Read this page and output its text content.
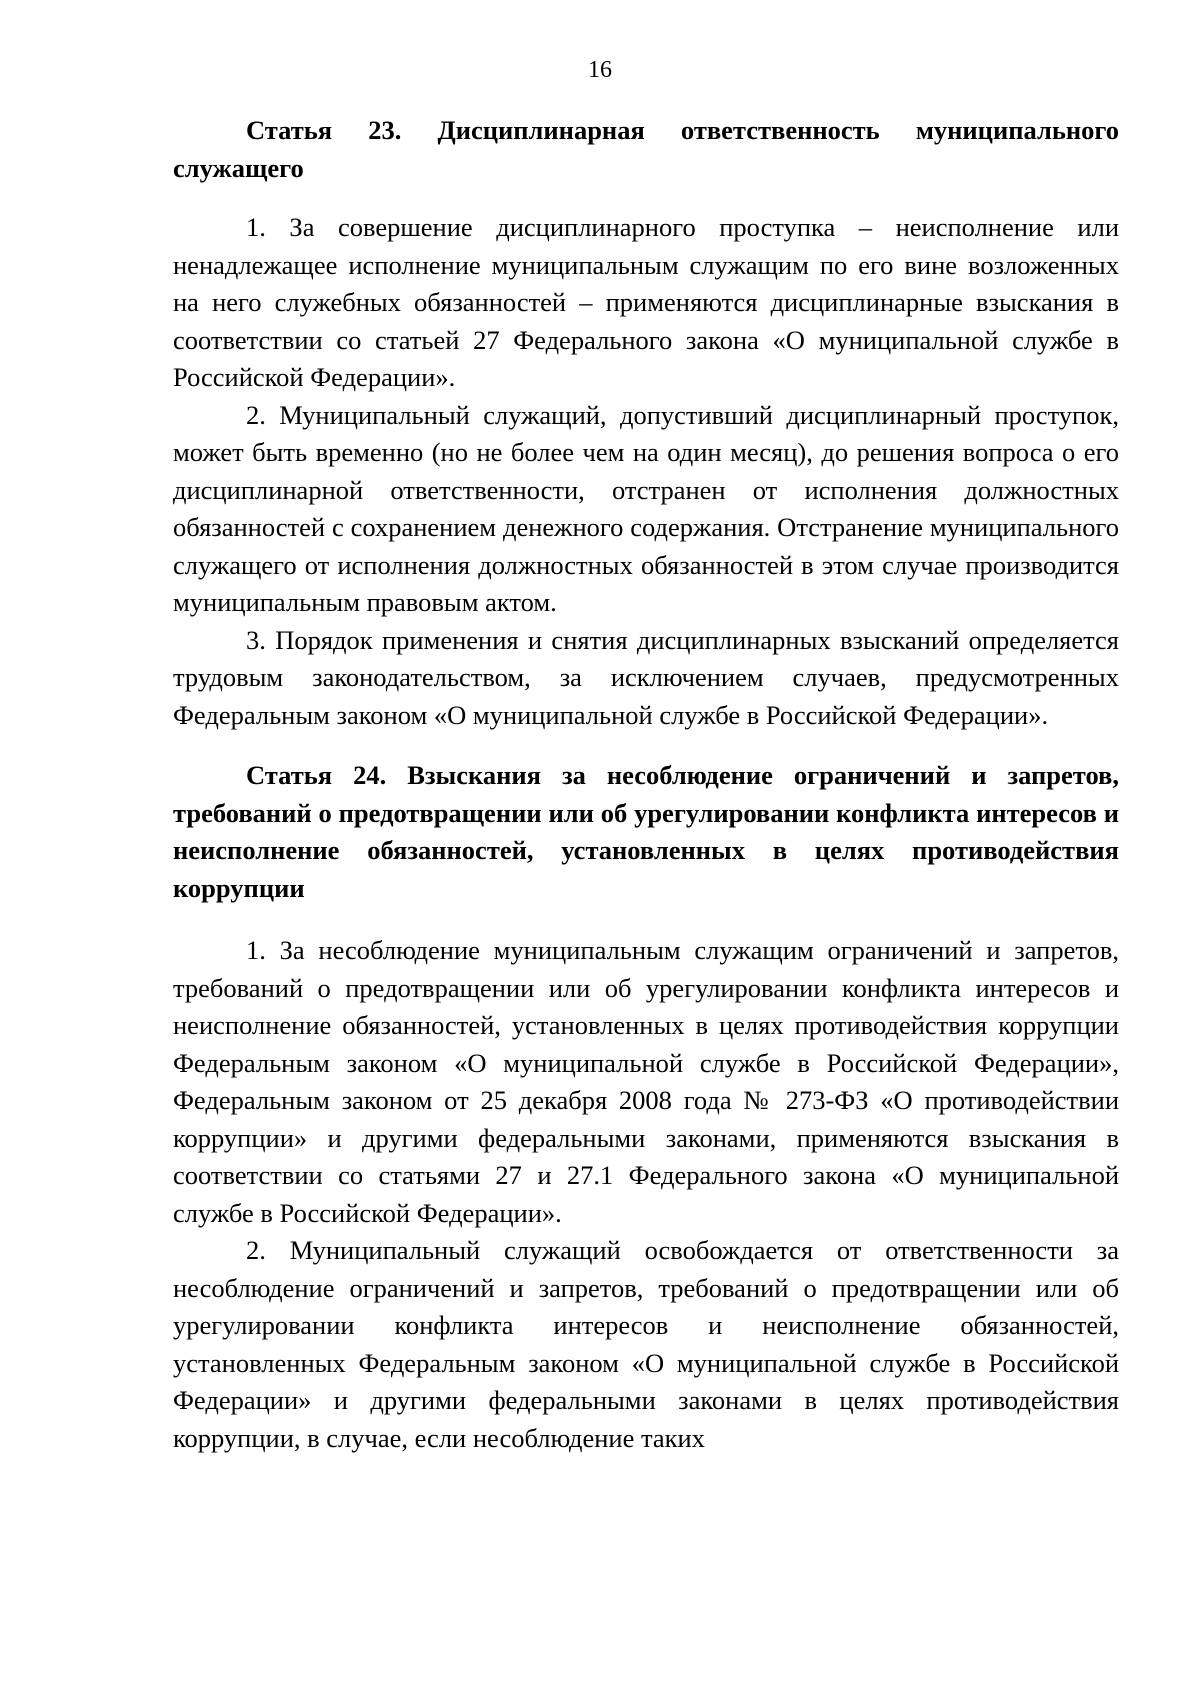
16

Статья 23. Дисциплинарная ответственность муниципального служащего

1. За совершение дисциплинарного проступка – неисполнение или ненадлежащее исполнение муниципальным служащим по его вине возложенных на него служебных обязанностей – применяются дисциплинарные взыскания в соответствии со статьей 27 Федерального закона «О муниципальной службе в Российской Федерации».

2. Муниципальный служащий, допустивший дисциплинарный проступок, может быть временно (но не более чем на один месяц), до решения вопроса о его дисциплинарной ответственности, отстранен от исполнения должностных обязанностей с сохранением денежного содержания. Отстранение муниципального служащего от исполнения должностных обязанностей в этом случае производится муниципальным правовым актом.

3. Порядок применения и снятия дисциплинарных взысканий определяется трудовым законодательством, за исключением случаев, предусмотренных Федеральным законом «О муниципальной службе в Российской Федерации».

Статья 24. Взыскания за несоблюдение ограничений и запретов, требований о предотвращении или об урегулировании конфликта интересов и неисполнение обязанностей, установленных в целях противодействия коррупции

1. За несоблюдение муниципальным служащим ограничений и запретов, требований о предотвращении или об урегулировании конфликта интересов и неисполнение обязанностей, установленных в целях противодействия коррупции Федеральным законом «О муниципальной службе в Российской Федерации», Федеральным законом от 25 декабря 2008 года № 273-ФЗ «О противодействии коррупции» и другими федеральными законами, применяются взыскания в соответствии со статьями 27 и 27.1 Федерального закона «О муниципальной службе в Российской Федерации».

2. Муниципальный служащий освобождается от ответственности за несоблюдение ограничений и запретов, требований о предотвращении или об урегулировании конфликта интересов и неисполнение обязанностей, установленных Федеральным законом «О муниципальной службе в Российской Федерации» и другими федеральными законами в целях противодействия коррупции, в случае, если несоблюдение таких
